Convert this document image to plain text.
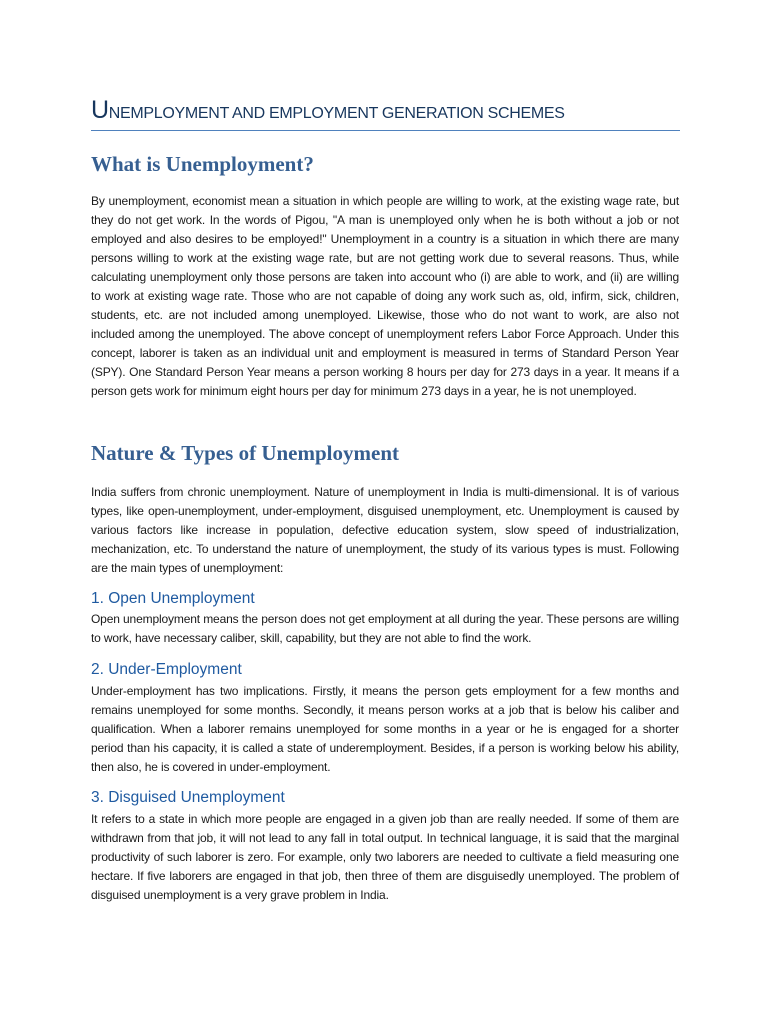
UNEMPLOYMENT AND EMPLOYMENT GENERATION SCHEMES
What is Unemployment?

By unemployment, economist mean a situation in which people are willing to work, at the existing wage rate, but they do not get work. In the words of Pigou, "A man is unemployed only when he is both without a job or not employed and also desires to be employed!" Unemployment in a country is a situation in which there are many persons willing to work at the existing wage rate, but are not getting work due to several reasons. Thus, while calculating unemployment only those persons are taken into account who (i) are able to work, and (ii) are willing to work at existing wage rate. Those who are not capable of doing any work such as, old, infirm, sick, children, students, etc. are not included among unemployed. Likewise, those who do not want to work, are also not included among the unemployed. The above concept of unemployment refers Labor Force Approach. Under this concept, laborer is taken as an individual unit and employment is measured in terms of Standard Person Year (SPY). One Standard Person Year means a person working 8 hours per day for 273 days in a year. It means if a person gets work for minimum eight hours per day for minimum 273 days in a year, he is not unemployed.

Nature & Types of Unemployment

India suffers from chronic unemployment. Nature of unemployment in India is multi-dimensional. It is of various types, like open-unemployment, under-employment, disguised unemployment, etc. Unemployment is caused by various factors like increase in population, defective education system, slow speed of industrialization, mechanization, etc. To understand the nature of unemployment, the study of its various types is must. Following are the main types of unemployment:

1. Open Unemployment

Open unemployment means the person does not get employment at all during the year. These persons are willing to work, have necessary caliber, skill, capability, but they are not able to find the work.

2. Under-Employment

Under-employment has two implications. Firstly, it means the person gets employment for a few months and remains unemployed for some months. Secondly, it means person works at a job that is below his caliber and qualification. When a laborer remains unemployed for some months in a year or he is engaged for a shorter period than his capacity, it is called a state of underemployment. Besides, if a person is working below his ability, then also, he is covered in under-employment.

3. Disguised Unemployment

It refers to a state in which more people are engaged in a given job than are really needed. If some of them are withdrawn from that job, it will not lead to any fall in total output. In technical language, it is said that the marginal productivity of such laborer is zero. For example, only two laborers are needed to cultivate a field measuring one hectare. If five laborers are engaged in that job, then three of them are disguisedly unemployed. The problem of disguised unemployment is a very grave problem in India.
